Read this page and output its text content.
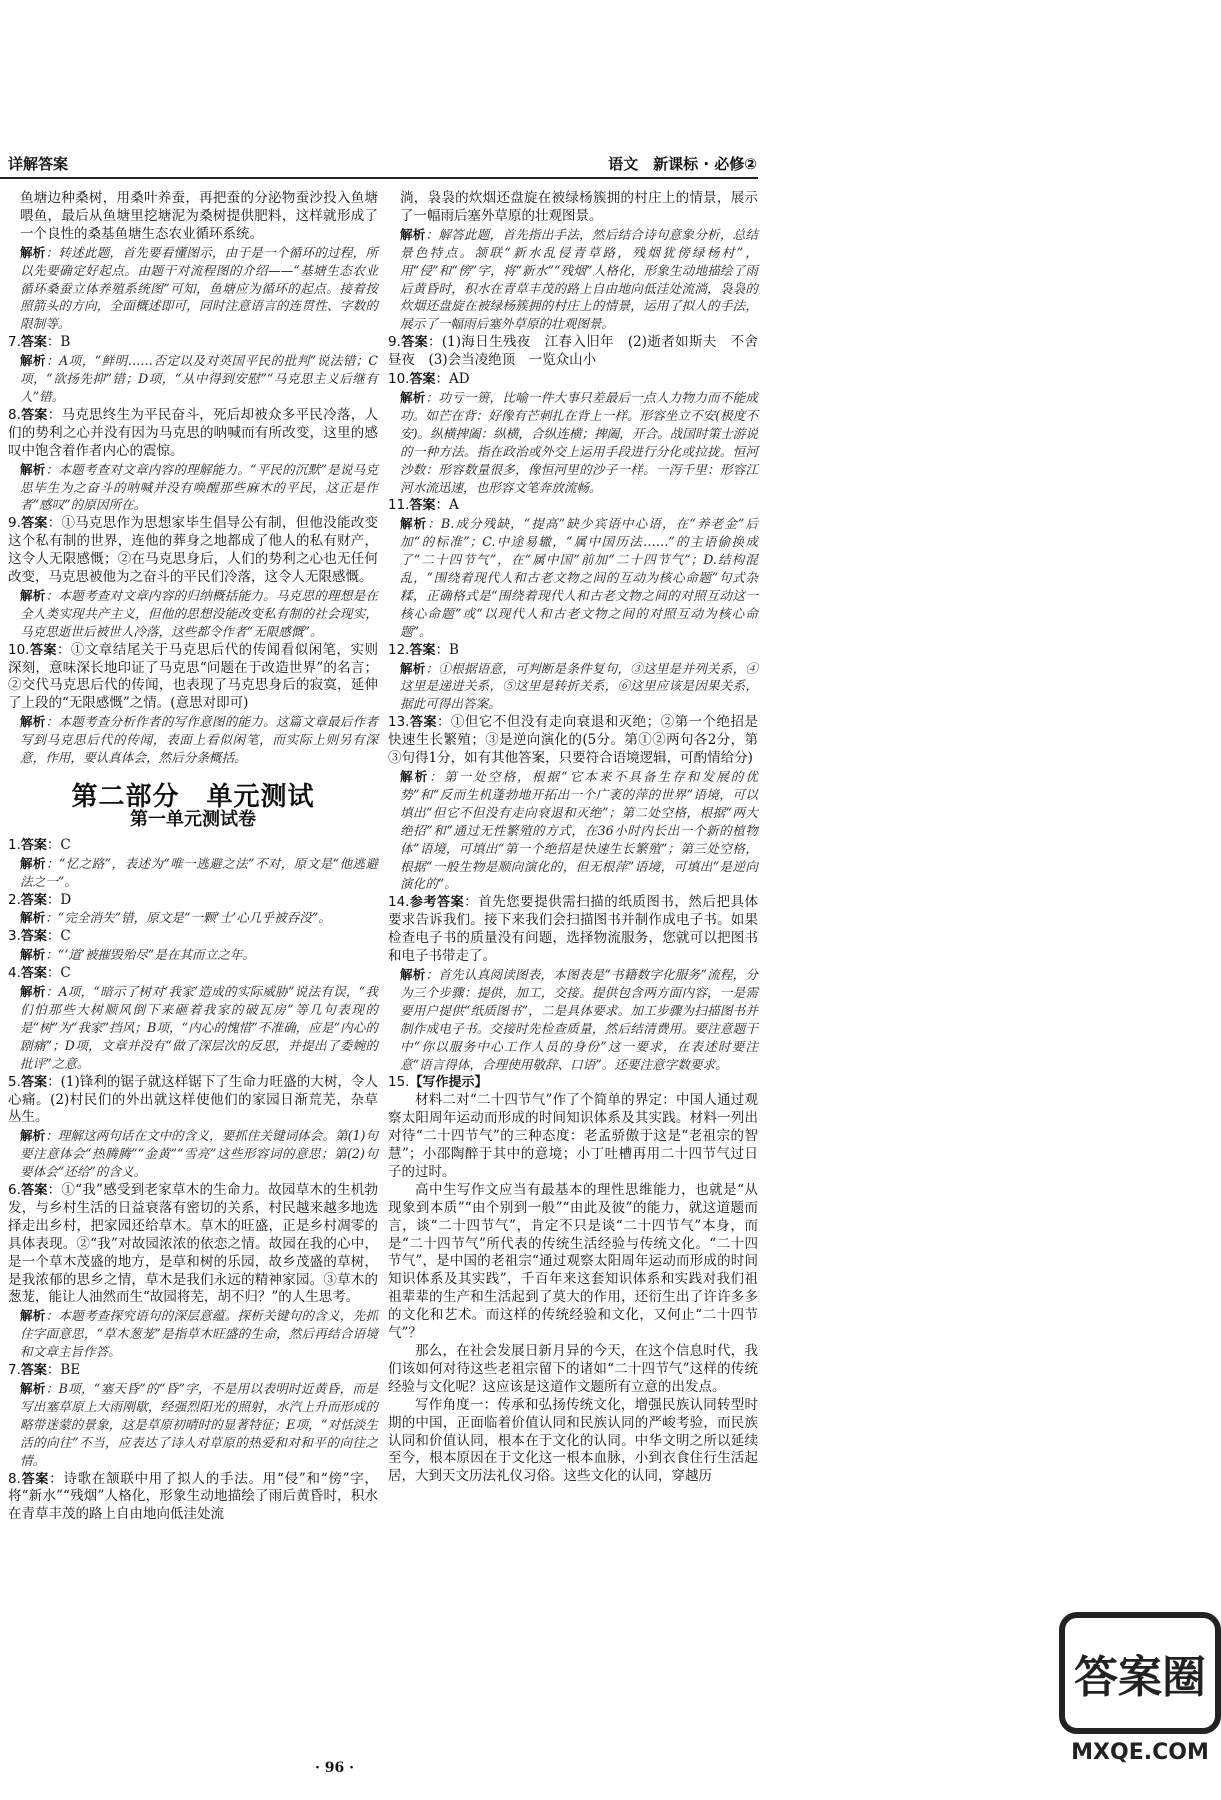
详解答案	语文　新课标 · 必修②

鱼塘边种桑树，用桑叶养蚕，再把蚕的分泌物蚕沙投入鱼塘喂鱼，最后从鱼塘里挖塘泥为桑树提供肥料，这样就形成了一个良性的桑基鱼塘生态农业循环系统。

解析：转述此题，首先要看懂图示，由于是一个循环的过程，所以先要确定好起点。由题干对流程图的介绍——“基塘生态农业循环桑蚕立体养殖系统图”可知，鱼塘应为循环的起点。接着按照箭头的方向，全面概述即可，同时注意语言的连贯性、字数的限制等。

7.答案：B

解析：A项，“鲜明……否定以及对英国平民的批判”说法错；C项，“欲扬先抑”错；D项，“从中得到安慰”“马克思主义后继有人”错。

8.答案：马克思终生为平民奋斗，死后却被众多平民冷落，人们的势利之心并没有因为马克思的呐喊而有所改变，这里的感叹中饱含着作者内心的震惊。

解析：本题考查对文章内容的理解能力。“平民的沉默”是说马克思毕生为之奋斗的呐喊并没有唤醒那些麻木的平民，这正是作者“感叹”的原因所在。

9.答案：①马克思作为思想家毕生倡导公有制，但他没能改变这个私有制的世界，连他的葬身之地都成了他人的私有财产，这令人无限感慨；②在马克思身后，人们的势利之心也无任何改变，马克思被他为之奋斗的平民们冷落，这令人无限感慨。

解析：本题考查对文章内容的归纳概括能力。马克思的理想是在全人类实现共产主义，但他的思想没能改变私有制的社会现实，马克思逝世后被世人冷落，这些都令作者“无限感慨”。

10.答案：①文章结尾关于马克思后代的传闻看似闲笔，实则深刻，意味深长地印证了马克思“问题在于改造世界”的名言；②交代马克思后代的传闻，也表现了马克思身后的寂寞，延伸了上段的“无限感慨”之情。(意思对即可)

解析：本题考查分析作者的写作意图的能力。这篇文章最后作者写到马克思后代的传闻，表面上看似闲笔，而实际上则另有深意，作用，要认真体会，然后分条概括。

第二部分　单元测试
第一单元测试卷

1.答案：C

解析：“忆之路”，表述为“唯一逃避之法”不对，原文是“他逃避法之一”。

2.答案：D

解析：“完全消失”错，原文是“一颗‘士’心几乎被吞没”。

3.答案：C

解析：“‘道’被摧毁殆尽”是在其而立之年。

4.答案：C

解析：A项，“暗示了树对‘我家’造成的实际威胁”说法有误，“我们怕那些大树顺风倒下来砸着我家的破瓦房”等几句表现的是“树”为“我家”挡风；B项，“内心的愧惜”不准确，应是“内心的剧痛”；D项，文章并没有“做了深层次的反思，并提出了委婉的批评”之意。

5.答案：(1)锋利的锯子就这样锯下了生命力旺盛的大树，令人心痛。(2)村民们的外出就这样使他们的家园日渐荒芜，杂草丛生。

解析：理解这两句话在文中的含义，要抓住关键词体会。第(1)句要注意体会“热腾腾”“金黄”“雪亮”这些形容词的意思；第(2)句要体会“还给”的含义。

6.答案：①“我”感受到老家草木的生命力。故园草木的生机勃发，与乡村生活的日益衰落有密切的关系，村民越来越多地选择走出乡村，把家园还给草木。草木的旺盛，正是乡村凋零的具体表现。②“我”对故园浓浓的依恋之情。故园在我的心中，是一个草木茂盛的地方，是草和树的乐园，故乡茂盛的草树，是我浓郁的思乡之情，草木是我们永远的精神家园。③草木的葱茏，能让人油然而生“故园将芜，胡不归？”的人生思考。

解析：本题考查探究语句的深层意蕴。探析关键句的含义，先抓住字面意思，“草木葱茏”是指草木旺盛的生命，然后再结合语境和文章主旨作答。

7.答案：BE

解析：B项，“塞天昏”的“昏”字，不是用以表明时近黄昏，而是写出塞草原上大雨刚歇，经强烈阳光的照射，水汽上升而形成的略带迷蒙的景象，这是草原初晴时的显著特征；E项，“对恬淡生活的向往”不当，应表达了诗人对草原的热爱和对和平的向往之情。

8.答案：诗歌在颔联中用了拟人的手法。用“侵”和“傍”字，将“新水”“残烟”人格化，形象生动地描绘了雨后黄昏时，积水在青草丰茂的路上自由地向低洼处流

淌，袅袅的炊烟还盘旋在被绿杨簇拥的村庄上的情景，展示了一幅雨后塞外草原的壮观图景。

解析：解答此题，首先指出手法，然后结合诗句意象分析，总结景色特点。颔联“新水乱侵青草路，残烟犹傍绿杨村”，用“侵”和“傍”字，将“新水”“残烟”人格化，形象生动地描绘了雨后黄昏时，积水在青草丰茂的路上自由地向低洼处流淌，袅袅的炊烟还盘旋在被绿杨簇拥的村庄上的情景，运用了拟人的手法，展示了一幅雨后塞外草原的壮观图景。

9.答案：(1)海日生残夜　江春入旧年　(2)逝者如斯夫　不舍昼夜　(3)会当凌绝顶　一览众山小

10.答案：AD

解析：功亏一篑，比喻一件大事只差最后一点人力物力而不能成功。如芒在背：好像有芒刺扎在背上一样。形容坐立不安(极度不安)。纵横捭阖：纵横，合纵连横；捭阖，开合。战国时策士游说的一种方法。指在政治或外交上运用手段进行分化或拉拢。恒河沙数：形容数量很多，像恒河里的沙子一样。一泻千里：形容江河水流迅速，也形容文笔奔放流畅。

11.答案：A

解析：B.成分残缺，“提高”缺少宾语中心语，在“养老金”后加“的标准”；C.中途易辙，“属中国历法……”的主语偷换成了“二十四节气”，在“属中国”前加“二十四节气”；D.结构混乱，“围绕着现代人和古老文物之间的互动为核心命题”句式杂糅，正确格式是“围绕着现代人和古老文物之间的对照互动这一核心命题”或“以现代人和古老文物之间的对照互动为核心命题”。

12.答案：B

解析：①根据语意，可判断是条件复句，③这里是并列关系，④这里是递进关系，⑤这里是转折关系，⑥这里应该是因果关系，据此可得出答案。

13.答案：①但它不但没有走向衰退和灭绝；②第一个绝招是快速生长繁殖；③是逆向演化的(5分。第①②两句各2分，第③句得1分，如有其他答案，只要符合语境逻辑，可酌情给分)

解析：第一处空格，根据“它本来不具备生存和发展的优势”和“反而生机蓬勃地开拓出一个广袤的萍的世界”语境，可以填出“但它不但没有走向衰退和灭绝”；第二处空格，根据“两大绝招”和“通过无性繁殖的方式，在36小时内长出一个新的植物体”语境，可填出“第一个绝招是快速生长繁殖”；第三处空格，根据“一般生物是顺向演化的，但无根萍”语境，可填出“是逆向演化的”。

14.参考答案：首先您要提供需扫描的纸质图书，然后把具体要求告诉我们。接下来我们会扫描图书并制作成电子书。如果检查电子书的质量没有问题，选择物流服务，您就可以把图书和电子书带走了。

解析：首先认真阅读图表，本图表是“书籍数字化服务”流程，分为三个步骤：提供，加工，交接。提供包含两方面内容，一是需要用户提供“纸质图书”，二是具体要求。加工步骤为扫描图书并制作成电子书。交接时先检查质量，然后结清费用。要注意题干中“你以服务中心工作人员的身份”这一要求，在表述时要注意“语言得体，合理使用敬辞、口语”。还要注意字数要求。

15.【写作提示】

材料二对“二十四节气”作了个简单的界定：中国人通过观察太阳周年运动而形成的时间知识体系及其实践。材料一列出对待“二十四节气”的三种态度：老孟骄傲于这是“老祖宗的智慧”；小邵陶醉于其中的意境；小丁吐槽再用二十四节气过日子的过时。

高中生写作文应当有最基本的理性思维能力，也就是“从现象到本质”“由个别到一般”“由此及彼”的能力，就这道题而言，谈“二十四节气”，肯定不只是谈“二十四节气”本身，而是“二十四节气”所代表的传统生活经验与传统文化。“二十四节气”，是中国的老祖宗“通过观察太阳周年运动而形成的时间知识体系及其实践”，千百年来这套知识体系和实践对我们祖祖辈辈的生产和生活起到了莫大的作用，还衍生出了许许多多的文化和艺术。而这样的传统经验和文化，又何止“二十四节气”？

那么，在社会发展日新月异的今天，在这个信息时代，我们该如何对待这些老祖宗留下的诸如“二十四节气”这样的传统经验与文化呢？这应该是这道作文题所有立意的出发点。

写作角度一：传承和弘扬传统文化，增强民族认同转型时期的中国，正面临着价值认同和民族认同的严峻考验，而民族认同和价值认同，根本在于文化的认同。中华文明之所以延续至今，根本原因在于文化这一根本血脉，小到衣食住行生活起居，大到天文历法礼仪习俗。这些文化的认同，穿越历

· 96 ·
答案圈
MXQE.COM
